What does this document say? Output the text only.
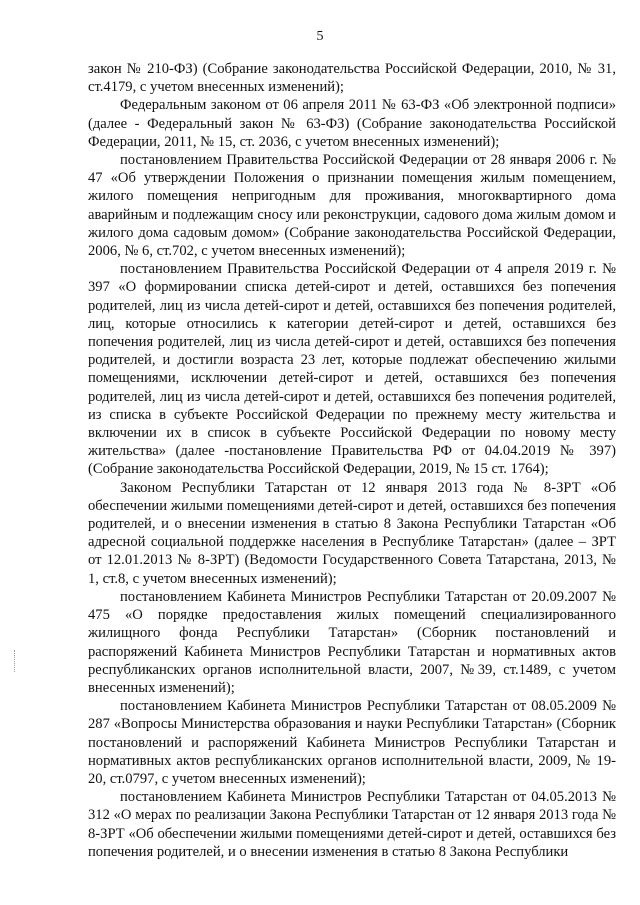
5

закон № 210-ФЗ) (Собрание законодательства Российской Федерации, 2010, № 31, ст.4179, с учетом внесенных изменений);

Федеральным законом от 06 апреля 2011 № 63-ФЗ «Об электронной подписи» (далее - Федеральный закон № 63-ФЗ) (Собрание законодательства Российской Федерации, 2011, № 15, ст. 2036, с учетом внесенных изменений);

постановлением Правительства Российской Федерации от 28 января 2006 г. № 47 «Об утверждении Положения о признании помещения жилым помещением, жилого помещения непригодным для проживания, многоквартирного дома аварийным и подлежащим сносу или реконструкции, садового дома жилым домом и жилого дома садовым домом» (Собрание законодательства Российской Федерации, 2006, № 6, ст.702, с учетом внесенных изменений);

постановлением Правительства Российской Федерации от 4 апреля 2019 г. № 397 «О формировании списка детей-сирот и детей, оставшихся без попечения родителей, лиц из числа детей-сирот и детей, оставшихся без попечения родителей, лиц, которые относились к категории детей-сирот и детей, оставшихся без попечения родителей, лиц из числа детей-сирот и детей, оставшихся без попечения родителей, и достигли возраста 23 лет, которые подлежат обеспечению жилыми помещениями, исключении детей-сирот и детей, оставшихся без попечения родителей, лиц из числа детей-сирот и детей, оставшихся без попечения родителей, из списка в субъекте Российской Федерации по прежнему месту жительства и включении их в список в субъекте Российской Федерации по новому месту жительства» (далее -постановление Правительства РФ от 04.04.2019 № 397) (Собрание законодательства Российской Федерации, 2019, № 15 ст. 1764);

Законом Республики Татарстан от 12 января 2013 года № 8-ЗРТ «Об обеспечении жилыми помещениями детей-сирот и детей, оставшихся без попечения родителей, и о внесении изменения в статью 8 Закона Республики Татарстан «Об адресной социальной поддержке населения в Республике Татарстан» (далее – ЗРТ от 12.01.2013 № 8-ЗРТ) (Ведомости Государственного Совета Татарстана, 2013, № 1, ст.8, с учетом внесенных изменений);

постановлением Кабинета Министров Республики Татарстан от 20.09.2007 № 475 «О порядке предоставления жилых помещений специализированного жилищного фонда Республики Татарстан» (Сборник постановлений и распоряжений Кабинета Министров Республики Татарстан и нормативных актов республиканских органов исполнительной власти, 2007, №39, ст.1489, с учетом внесенных изменений);

постановлением Кабинета Министров Республики Татарстан от 08.05.2009 № 287 «Вопросы Министерства образования и науки Республики Татарстан» (Сборник постановлений и распоряжений Кабинета Министров Республики Татарстан и нормативных актов республиканских органов исполнительной власти, 2009, № 19-20, ст.0797, с учетом внесенных изменений);

постановлением Кабинета Министров Республики Татарстан от 04.05.2013 № 312 «О мерах по реализации Закона Республики Татарстан от 12 января 2013 года № 8-ЗРТ «Об обеспечении жилыми помещениями детей-сирот и детей, оставшихся без попечения родителей, и о внесении изменения в статью 8 Закона Республики
